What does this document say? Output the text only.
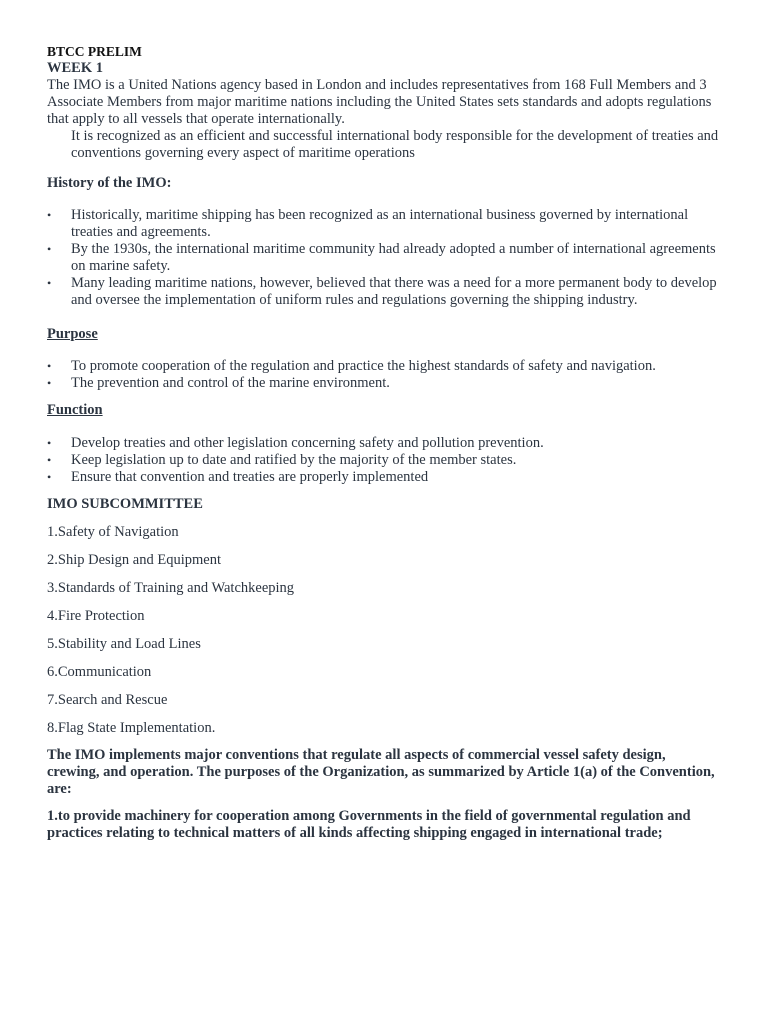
BTCC PRELIM

WEEK 1

The IMO is a United Nations agency based in London and includes representatives from 168 Full Members and 3 Associate Members from major maritime nations including the United States sets standards and adopts regulations that apply to all vessels that operate internationally.

It is recognized as an efficient and successful international body responsible for the development of treaties and conventions governing every aspect of maritime operations

History of the IMO:

• Historically, maritime shipping has been recognized as an international business governed by international treaties and agreements.
• By the 1930s, the international maritime community had already adopted a number of international agreements on marine safety.
• Many leading maritime nations, however, believed that there was a need for a more permanent body to develop and oversee the implementation of uniform rules and regulations governing the shipping industry.

Purpose

• To promote cooperation of the regulation and practice the highest standards of safety and navigation.
• The prevention and control of the marine environment.

Function

• Develop treaties and other legislation concerning safety and pollution prevention.
• Keep legislation up to date and ratified by the majority of the member states.
• Ensure that convention and treaties are properly implemented

IMO SUBCOMMITTEE

1.Safety of Navigation

2.Ship Design and Equipment

3.Standards of Training and Watchkeeping

4.Fire Protection

5.Stability and Load Lines

6.Communication

7.Search and Rescue

8.Flag State Implementation.

The IMO implements major conventions that regulate all aspects of commercial vessel safety design, crewing, and operation. The purposes of the Organization, as summarized by Article 1(a) of the Convention, are:

1.to provide machinery for cooperation among Governments in the field of governmental regulation and practices relating to technical matters of all kinds affecting shipping engaged in international trade;
